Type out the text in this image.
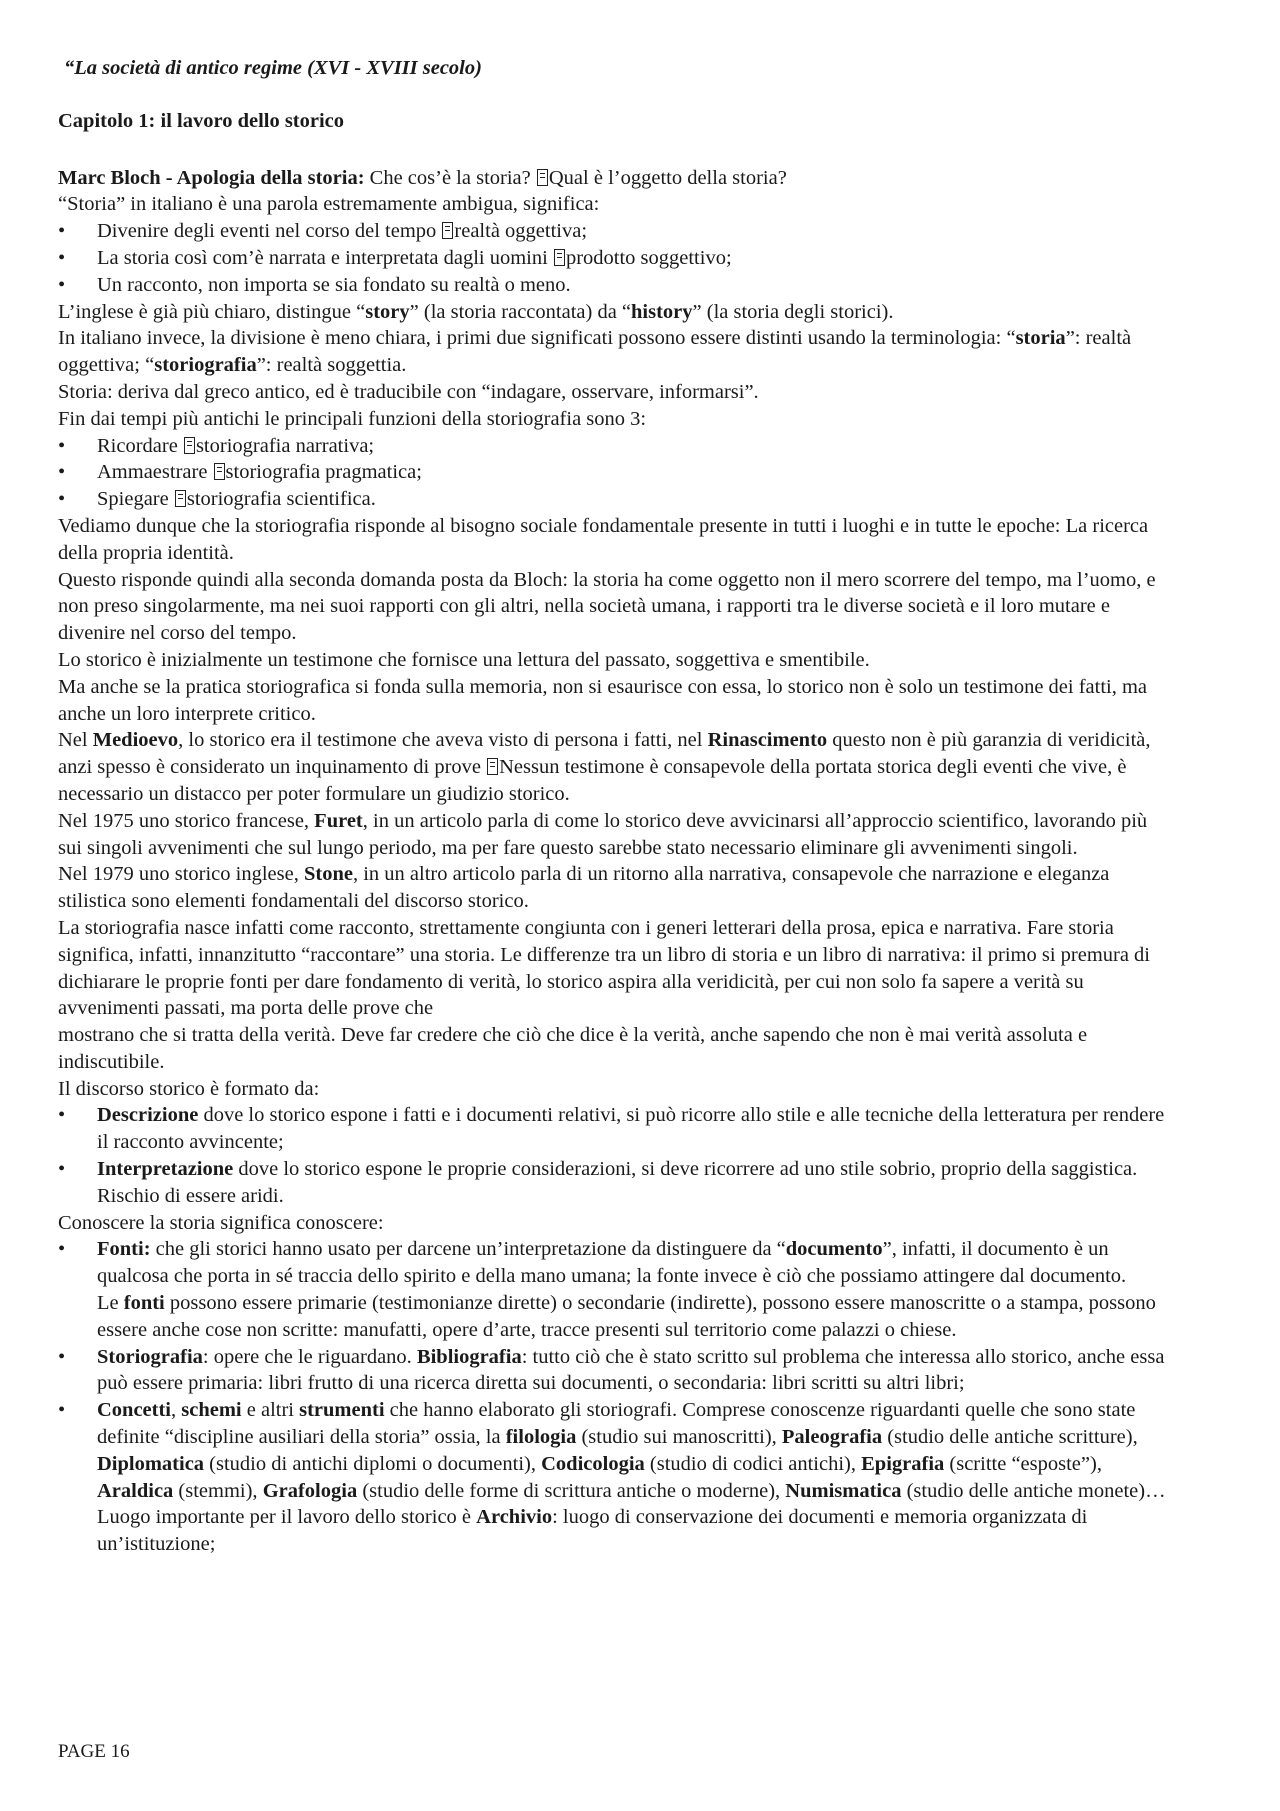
“La società di antico regime (XVI - XVIII secolo)

Capitolo 1: il lavoro dello storico

Marc Bloch - Apologia della storia: Che cos’è la storia? Qual è l’oggetto della storia?

“Storia” in italiano è una parola estremamente ambigua, significa:

• Divenire degli eventi nel corso del tempo realtà oggettiva;
• La storia così com’è narrata e interpretata dagli uomini prodotto soggettivo;
• Un racconto, non importa se sia fondato su realtà o meno.

L’inglese è già più chiaro, distingue “story” (la storia raccontata) da “history” (la storia degli storici).

In italiano invece, la divisione è meno chiara, i primi due significati possono essere distinti usando la terminologia: “storia”: realtà oggettiva; “storiografia”: realtà soggettia.

Storia: deriva dal greco antico, ed è traducibile con “indagare, osservare, informarsi”.

Fin dai tempi più antichi le principali funzioni della storiografia sono 3:

• Ricordare storiografia narrativa;
• Ammaestrare storiografia pragmatica;
• Spiegare storiografia scientifica.

Vediamo dunque che la storiografia risponde al bisogno sociale fondamentale presente in tutti i luoghi e in tutte le epoche: La ricerca della propria identità.

Questo risponde quindi alla seconda domanda posta da Bloch: la storia ha come oggetto non il mero scorrere del tempo, ma l’uomo, e non preso singolarmente, ma nei suoi rapporti con gli altri, nella società umana, i rapporti tra le diverse società e il loro mutare e divenire nel corso del tempo.

Lo storico è inizialmente un testimone che fornisce una lettura del passato, soggettiva e smentibile.

Ma anche se la pratica storiografica si fonda sulla memoria, non si esaurisce con essa, lo storico non è solo un testimone dei fatti, ma anche un loro interprete critico.

Nel Medioevo, lo storico era il testimone che aveva visto di persona i fatti, nel Rinascimento questo non è più garanzia di veridicità, anzi spesso è considerato un inquinamento di prove Nessun testimone è consapevole della portata storica degli eventi che vive, è necessario un distacco per poter formulare un giudizio storico.

Nel 1975 uno storico francese, Furet, in un articolo parla di come lo storico deve avvicinarsi all’approccio scientifico, lavorando più sui singoli avvenimenti che sul lungo periodo, ma per fare questo sarebbe stato necessario eliminare gli avvenimenti singoli.

Nel 1979 uno storico inglese, Stone, in un altro articolo parla di un ritorno alla narrativa, consapevole che narrazione e eleganza stilistica sono elementi fondamentali del discorso storico.

La storiografia nasce infatti come racconto, strettamente congiunta con i generi letterari della prosa, epica e narrativa. Fare storia significa, infatti, innanzitutto “raccontare” una storia. Le differenze tra un libro di storia e un libro di narrativa: il primo si premura di dichiarare le proprie fonti per dare fondamento di verità, lo storico aspira alla veridicità, per cui non solo fa sapere a verità su avvenimenti passati, ma porta delle prove che

mostrano che si tratta della verità. Deve far credere che ciò che dice è la verità, anche sapendo che non è mai verità assoluta e indiscutibile.

Il discorso storico è formato da:

• Descrizione dove lo storico espone i fatti e i documenti relativi, si può ricorre allo stile e alle tecniche della letteratura per rendere il racconto avvincente;
• Interpretazione dove lo storico espone le proprie considerazioni, si deve ricorrere ad uno stile sobrio, proprio della saggistica. Rischio di essere aridi.

Conoscere la storia significa conoscere:

• Fonti: che gli storici hanno usato per darcene un’interpretazione da distinguere da “documento”, infatti, il documento è un qualcosa che porta in sé traccia dello spirito e della mano umana; la fonte invece è ciò che possiamo attingere dal documento.
Le fonti possono essere primarie (testimonianze dirette) o secondarie (indirette), possono essere manoscritte o a stampa, possono essere anche cose non scritte: manufatti, opere d’arte, tracce presenti sul territorio come palazzi o chiese.
• Storiografia: opere che le riguardano. Bibliografia: tutto ciò che è stato scritto sul problema che interessa allo storico, anche essa può essere primaria: libri frutto di una ricerca diretta sui documenti, o secondaria: libri scritti su altri libri;
• Concetti, schemi e altri strumenti che hanno elaborato gli storiografi. Comprese conoscenze riguardanti quelle che sono state definite “discipline ausiliari della storia” ossia, la filologia (studio sui manoscritti), Paleografia (studio delle antiche scritture), Diplomatica (studio di antichi diplomi o documenti), Codicologia (studio di codici antichi), Epigrafia (scritte “esposte”), Araldica (stemmi), Grafologia (studio delle forme di scrittura antiche o moderne), Numismatica (studio delle antiche monete)… Luogo importante per il lavoro dello storico è Archivio: luogo di conservazione dei documenti e memoria organizzata di un’istituzione;
PAGE 16
